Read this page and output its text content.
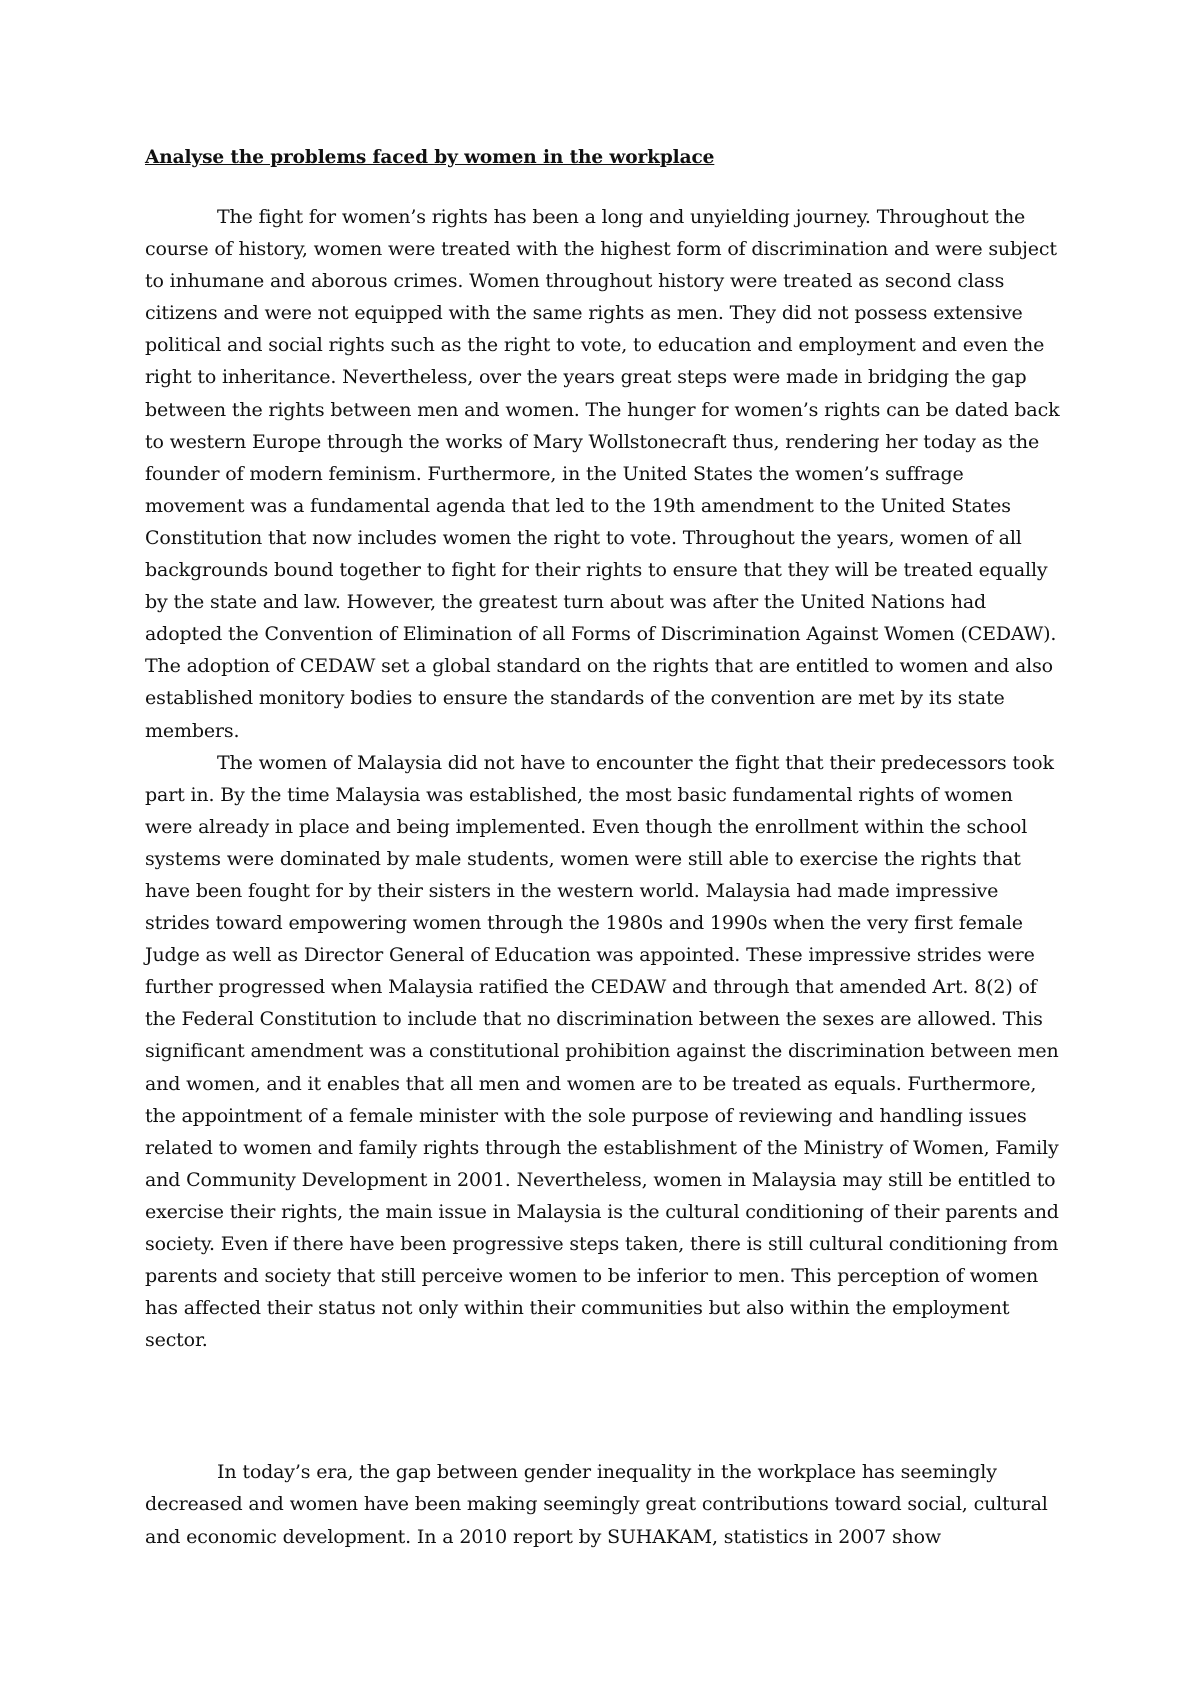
Analyse the problems faced by women in the workplace

The fight for women’s rights has been a long and unyielding journey. Throughout the course of history, women were treated with the highest form of discrimination and were subject to inhumane and aborous crimes. Women throughout history were treated as second class citizens and were not equipped with the same rights as men. They did not possess extensive political and social rights such as the right to vote, to education and employment and even the right to inheritance. Nevertheless, over the years great steps were made in bridging the gap between the rights between men and women. The hunger for women’s rights can be dated back to western Europe through the works of Mary Wollstonecraft thus, rendering her today as the founder of modern feminism. Furthermore, in the United States the women’s suffrage movement was a fundamental agenda that led to the 19th amendment to the United States Constitution that now includes women the right to vote. Throughout the years, women of all backgrounds bound together to fight for their rights to ensure that they will be treated equally by the state and law. However, the greatest turn about was after the United Nations had adopted the Convention of Elimination of all Forms of Discrimination Against Women (CEDAW). The adoption of CEDAW set a global standard on the rights that are entitled to women and also established monitory bodies to ensure the standards of the convention are met by its state members.

The women of Malaysia did not have to encounter the fight that their predecessors took part in. By the time Malaysia was established, the most basic fundamental rights of women were already in place and being implemented. Even though the enrollment within the school systems were dominated by male students, women were still able to exercise the rights that have been fought for by their sisters in the western world. Malaysia had made impressive strides toward empowering women through the 1980s and 1990s when the very first female Judge as well as Director General of Education was appointed. These impressive strides were further progressed when Malaysia ratified the CEDAW and through that amended Art. 8(2) of the Federal Constitution to include that no discrimination between the sexes are allowed. This significant amendment was a constitutional prohibition against the discrimination between men and women, and it enables that all men and women are to be treated as equals. Furthermore, the appointment of a female minister with the sole purpose of reviewing and handling issues related to women and family rights through the establishment of the Ministry of Women, Family and Community Development in 2001. Nevertheless, women in Malaysia may still be entitled to exercise their rights, the main issue in Malaysia is the cultural conditioning of their parents and society. Even if there have been progressive steps taken, there is still cultural conditioning from parents and society that still perceive women to be inferior to men. This perception of women has affected their status not only within their communities but also within the employment sector.

In today’s era, the gap between gender inequality in the workplace has seemingly decreased and women have been making seemingly great contributions toward social, cultural and economic development. In a 2010 report by SUHAKAM, statistics in 2007 show
